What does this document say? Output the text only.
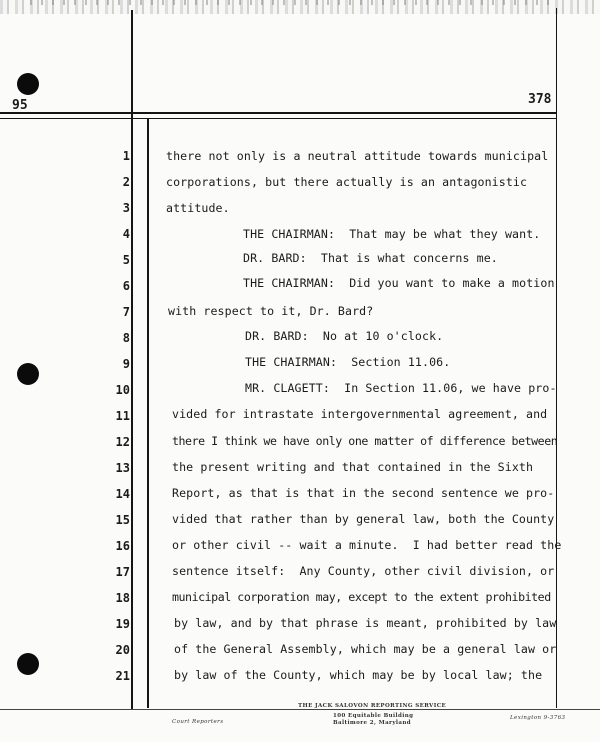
95	378
1	there not only is a neutral attitude towards municipal
2	corporations, but there actually is an antagonistic
3	attitude.
4	THE CHAIRMAN:  That may be what they want.
5	DR. BARD:  That is what concerns me.
6	THE CHAIRMAN:  Did you want to make a motion
7	with respect to it, Dr. Bard?
8	DR. BARD:  No at 10 o'clock.
9	THE CHAIRMAN:  Section 11.06.
10	MR. CLAGETT:  In Section 11.06, we have pro-
11	vided for intrastate intergovernmental agreement, and
12	there I think we have only one matter of difference between
13	the present writing and that contained in the Sixth
14	Report, as that is that in the second sentence we pro-
15	vided that rather than by general law, both the County
16	or other civil -- wait a minute.  I had better read the
17	sentence itself:  Any County, other civil division, or
18	municipal corporation may, except to the extent prohibited
19	by law, and by that phrase is meant, prohibited by law
20	of the General Assembly, which may be a general law or
21	by law of the County, which may be by local law; the
THE JACK SALOVON REPORTING SERVICE
100 Equitable Building
Baltimore 2, Maryland
Court Reporters
Lexington 9-3763
